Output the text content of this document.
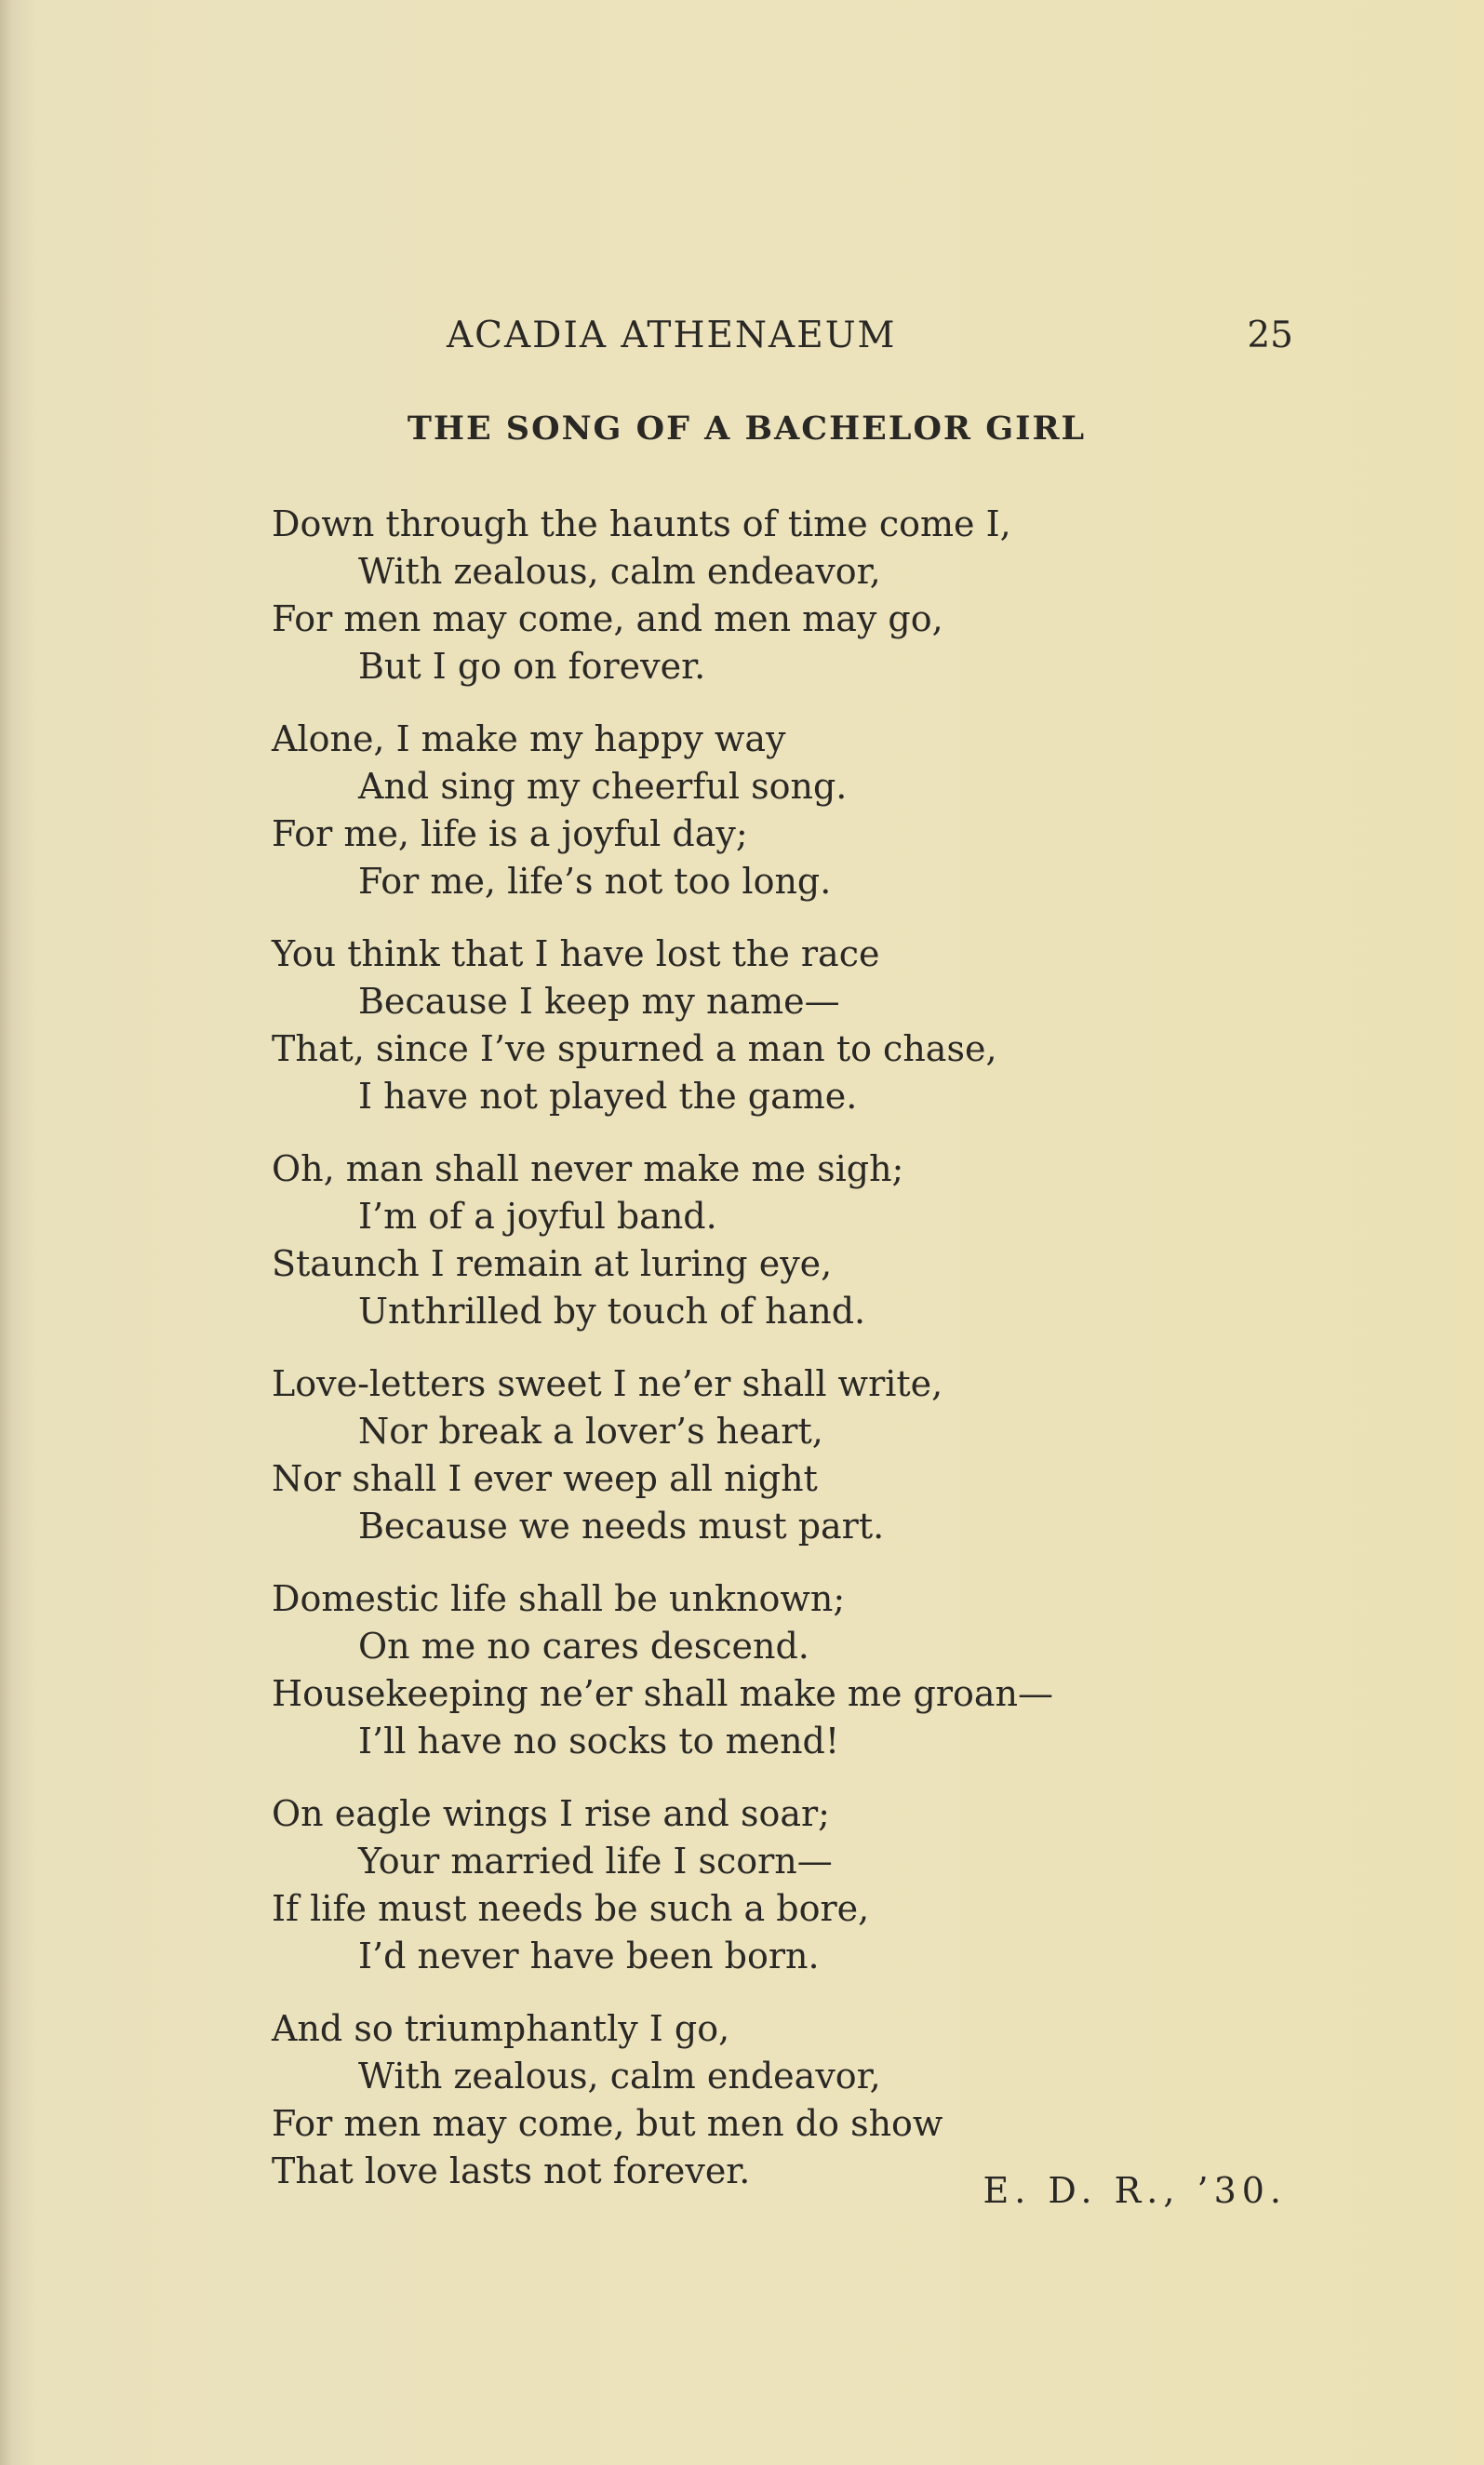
ACADIA ATHENAEUM	25
THE SONG OF A BACHELOR GIRL
Down through the haunts of time come I,
With zealous, calm endeavor,
For men may come, and men may go,
But I go on forever.
Alone, I make my happy way
And sing my cheerful song.
For me, life is a joyful day;
For me, life’s not too long.
You think that I have lost the race
Because I keep my name—
That, since I’ve spurned a man to chase,
I have not played the game.
Oh, man shall never make me sigh;
I’m of a joyful band.
Staunch I remain at luring eye,
Unthrilled by touch of hand.
Love-letters sweet I ne’er shall write,
Nor break a lover’s heart,
Nor shall I ever weep all night
Because we needs must part.
Domestic life shall be unknown;
On me no cares descend.
Housekeeping ne’er shall make me groan—
I’ll have no socks to mend!
On eagle wings I rise and soar;
Your married life I scorn—
If life must needs be such a bore,
I’d never have been born.
And so triumphantly I go,
With zealous, calm endeavor,
For men may come, but men do show
That love lasts not forever.	E. D. R., ’30.
